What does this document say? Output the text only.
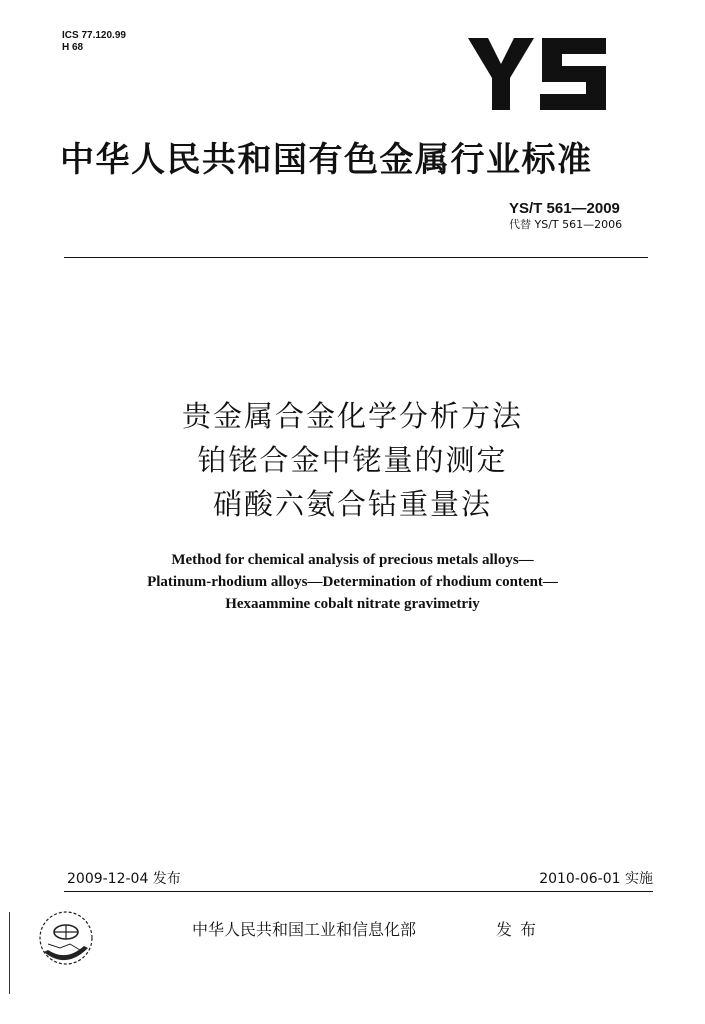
ICS 77.120.99
H 68
中华人民共和国有色金属行业标准
YS/T 561—2009
代替 YS/T 561—2006
贵金属合金化学分析方法
铂铑合金中铑量的测定
硝酸六氨合钴重量法
Method for chemical analysis of precious metals alloys—
Platinum-rhodium alloys—Determination of rhodium content—
Hexaammine cobalt nitrate gravimetriy
2009-12-04 发布	2010-06-01 实施
中华人民共和国工业和信息化部	发布
